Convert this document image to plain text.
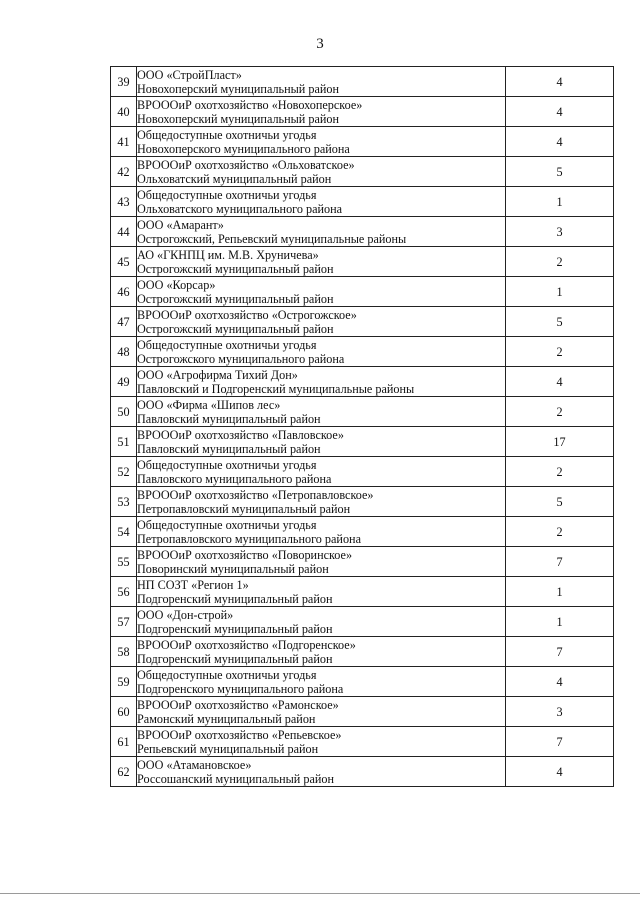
3
39	ООО «СтройПласт»
Новохоперский муниципальный район	4
40	ВРОООиР охотхозяйство «Новохоперское»
Новохоперский муниципальный район	4
41	Общедоступные охотничьи угодья
Новохоперского муниципального района	4
42	ВРОООиР охотхозяйство «Ольховатское»
Ольховатский муниципальный район	5
43	Общедоступные охотничьи угодья
Ольховатского муниципального района	1
44	ООО «Амарант»
Острогожский, Репьевский муниципальные районы	3
45	АО «ГКНПЦ им. М.В. Хруничева»
Острогожский муниципальный район	2
46	ООО «Корсар»
Острогожский муниципальный район	1
47	ВРОООиР охотхозяйство «Острогожское»
Острогожский муниципальный район	5
48	Общедоступные охотничьи угодья
Острогожского муниципального района	2
49	ООО «Агрофирма Тихий Дон»
Павловский и Подгоренский муниципальные районы	4
50	ООО «Фирма «Шипов лес»
Павловский муниципальный район	2
51	ВРОООиР охотхозяйство «Павловское»
Павловский муниципальный район	17
52	Общедоступные охотничьи угодья
Павловского муниципального района	2
53	ВРОООиР охотхозяйство «Петропавловское»
Петропавловский муниципальный район	5
54	Общедоступные охотничьи угодья
Петропавловского муниципального района	2
55	ВРОООиР охотхозяйство «Поворинское»
Поворинский муниципальный район	7
56	НП СОЗТ «Регион 1»
Подгоренский муниципальный район	1
57	ООО «Дон-строй»
Подгоренский муниципальный район	1
58	ВРОООиР охотхозяйство «Подгоренское»
Подгоренский муниципальный район	7
59	Общедоступные охотничьи угодья
Подгоренского муниципального района	4
60	ВРОООиР охотхозяйство «Рамонское»
Рамонский муниципальный район	3
61	ВРОООиР охотхозяйство «Репьевское»
Репьевский муниципальный район	7
62	ООО «Атамановское»
Россошанский муниципальный район	4
